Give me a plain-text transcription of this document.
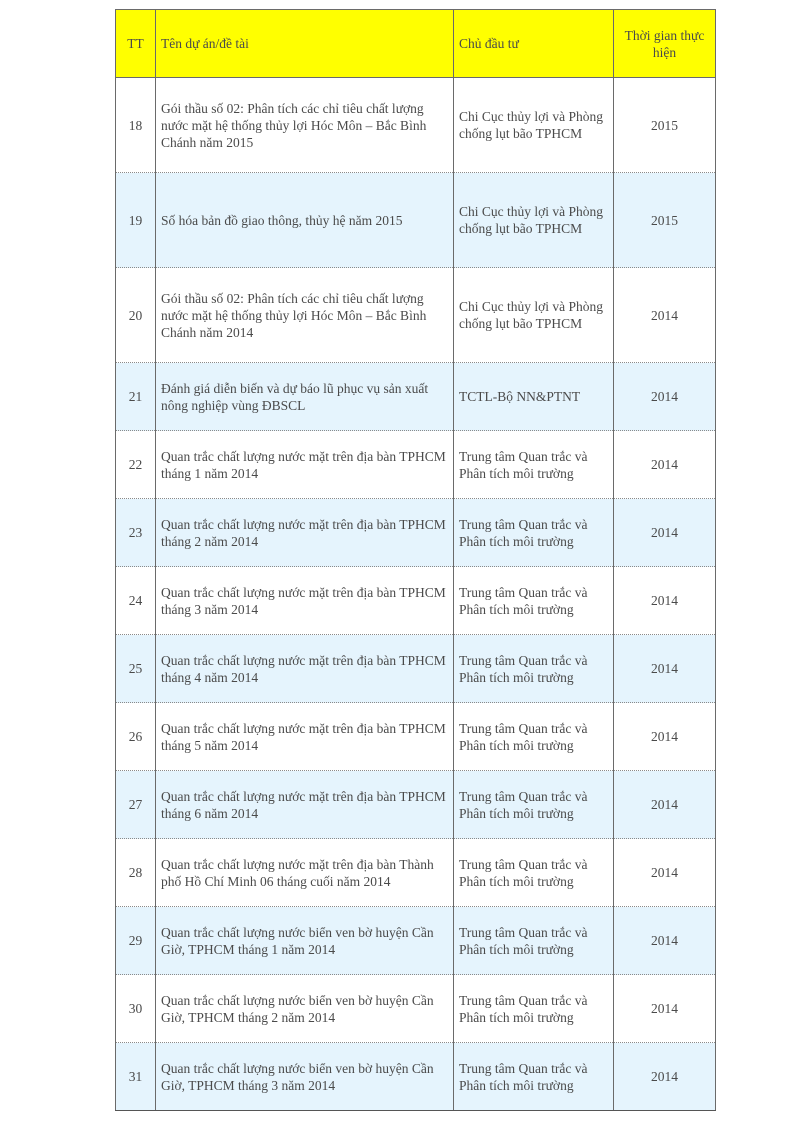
TT	Tên dự án/đề tài	Chủ đầu tư	Thời gian thực hiện
18	Gói thầu số 02: Phân tích các chỉ tiêu chất lượng nước mặt hệ thống thủy lợi Hóc Môn – Bắc Bình Chánh năm 2015	Chi Cục thủy lợi và Phòng chống lụt bão TPHCM	2015
19	Số hóa bản đồ giao thông, thủy hệ năm 2015	Chi Cục thủy lợi và Phòng chống lụt bão TPHCM	2015
20	Gói thầu số 02: Phân tích các chỉ tiêu chất lượng nước mặt hệ thống thủy lợi Hóc Môn – Bắc Bình Chánh năm 2014	Chi Cục thủy lợi và Phòng chống lụt bão TPHCM	2014
21	Đánh giá diễn biến và dự báo lũ phục vụ sản xuất nông nghiệp vùng ĐBSCL	TCTL-Bộ NN&PTNT	2014
22	Quan trắc chất lượng nước mặt trên địa bàn TPHCM tháng 1 năm 2014	Trung tâm Quan trắc và Phân tích môi trường	2014
23	Quan trắc chất lượng nước mặt trên địa bàn TPHCM tháng 2 năm 2014	Trung tâm Quan trắc và Phân tích môi trường	2014
24	Quan trắc chất lượng nước mặt trên địa bàn TPHCM tháng 3 năm 2014	Trung tâm Quan trắc và Phân tích môi trường	2014
25	Quan trắc chất lượng nước mặt trên địa bàn TPHCM tháng 4 năm 2014	Trung tâm Quan trắc và Phân tích môi trường	2014
26	Quan trắc chất lượng nước mặt trên địa bàn TPHCM tháng 5 năm 2014	Trung tâm Quan trắc và Phân tích môi trường	2014
27	Quan trắc chất lượng nước mặt trên địa bàn TPHCM tháng 6 năm 2014	Trung tâm Quan trắc và Phân tích môi trường	2014
28	Quan trắc chất lượng nước mặt trên địa bàn Thành phố Hồ Chí Minh 06 tháng cuối năm 2014	Trung tâm Quan trắc và Phân tích môi trường	2014
29	Quan trắc chất lượng nước biển ven bờ huyện Cần Giờ, TPHCM tháng 1 năm 2014	Trung tâm Quan trắc và Phân tích môi trường	2014
30	Quan trắc chất lượng nước biển ven bờ huyện Cần Giờ, TPHCM tháng 2 năm 2014	Trung tâm Quan trắc và Phân tích môi trường	2014
31	Quan trắc chất lượng nước biển ven bờ huyện Cần Giờ, TPHCM tháng 3 năm 2014	Trung tâm Quan trắc và Phân tích môi trường	2014
